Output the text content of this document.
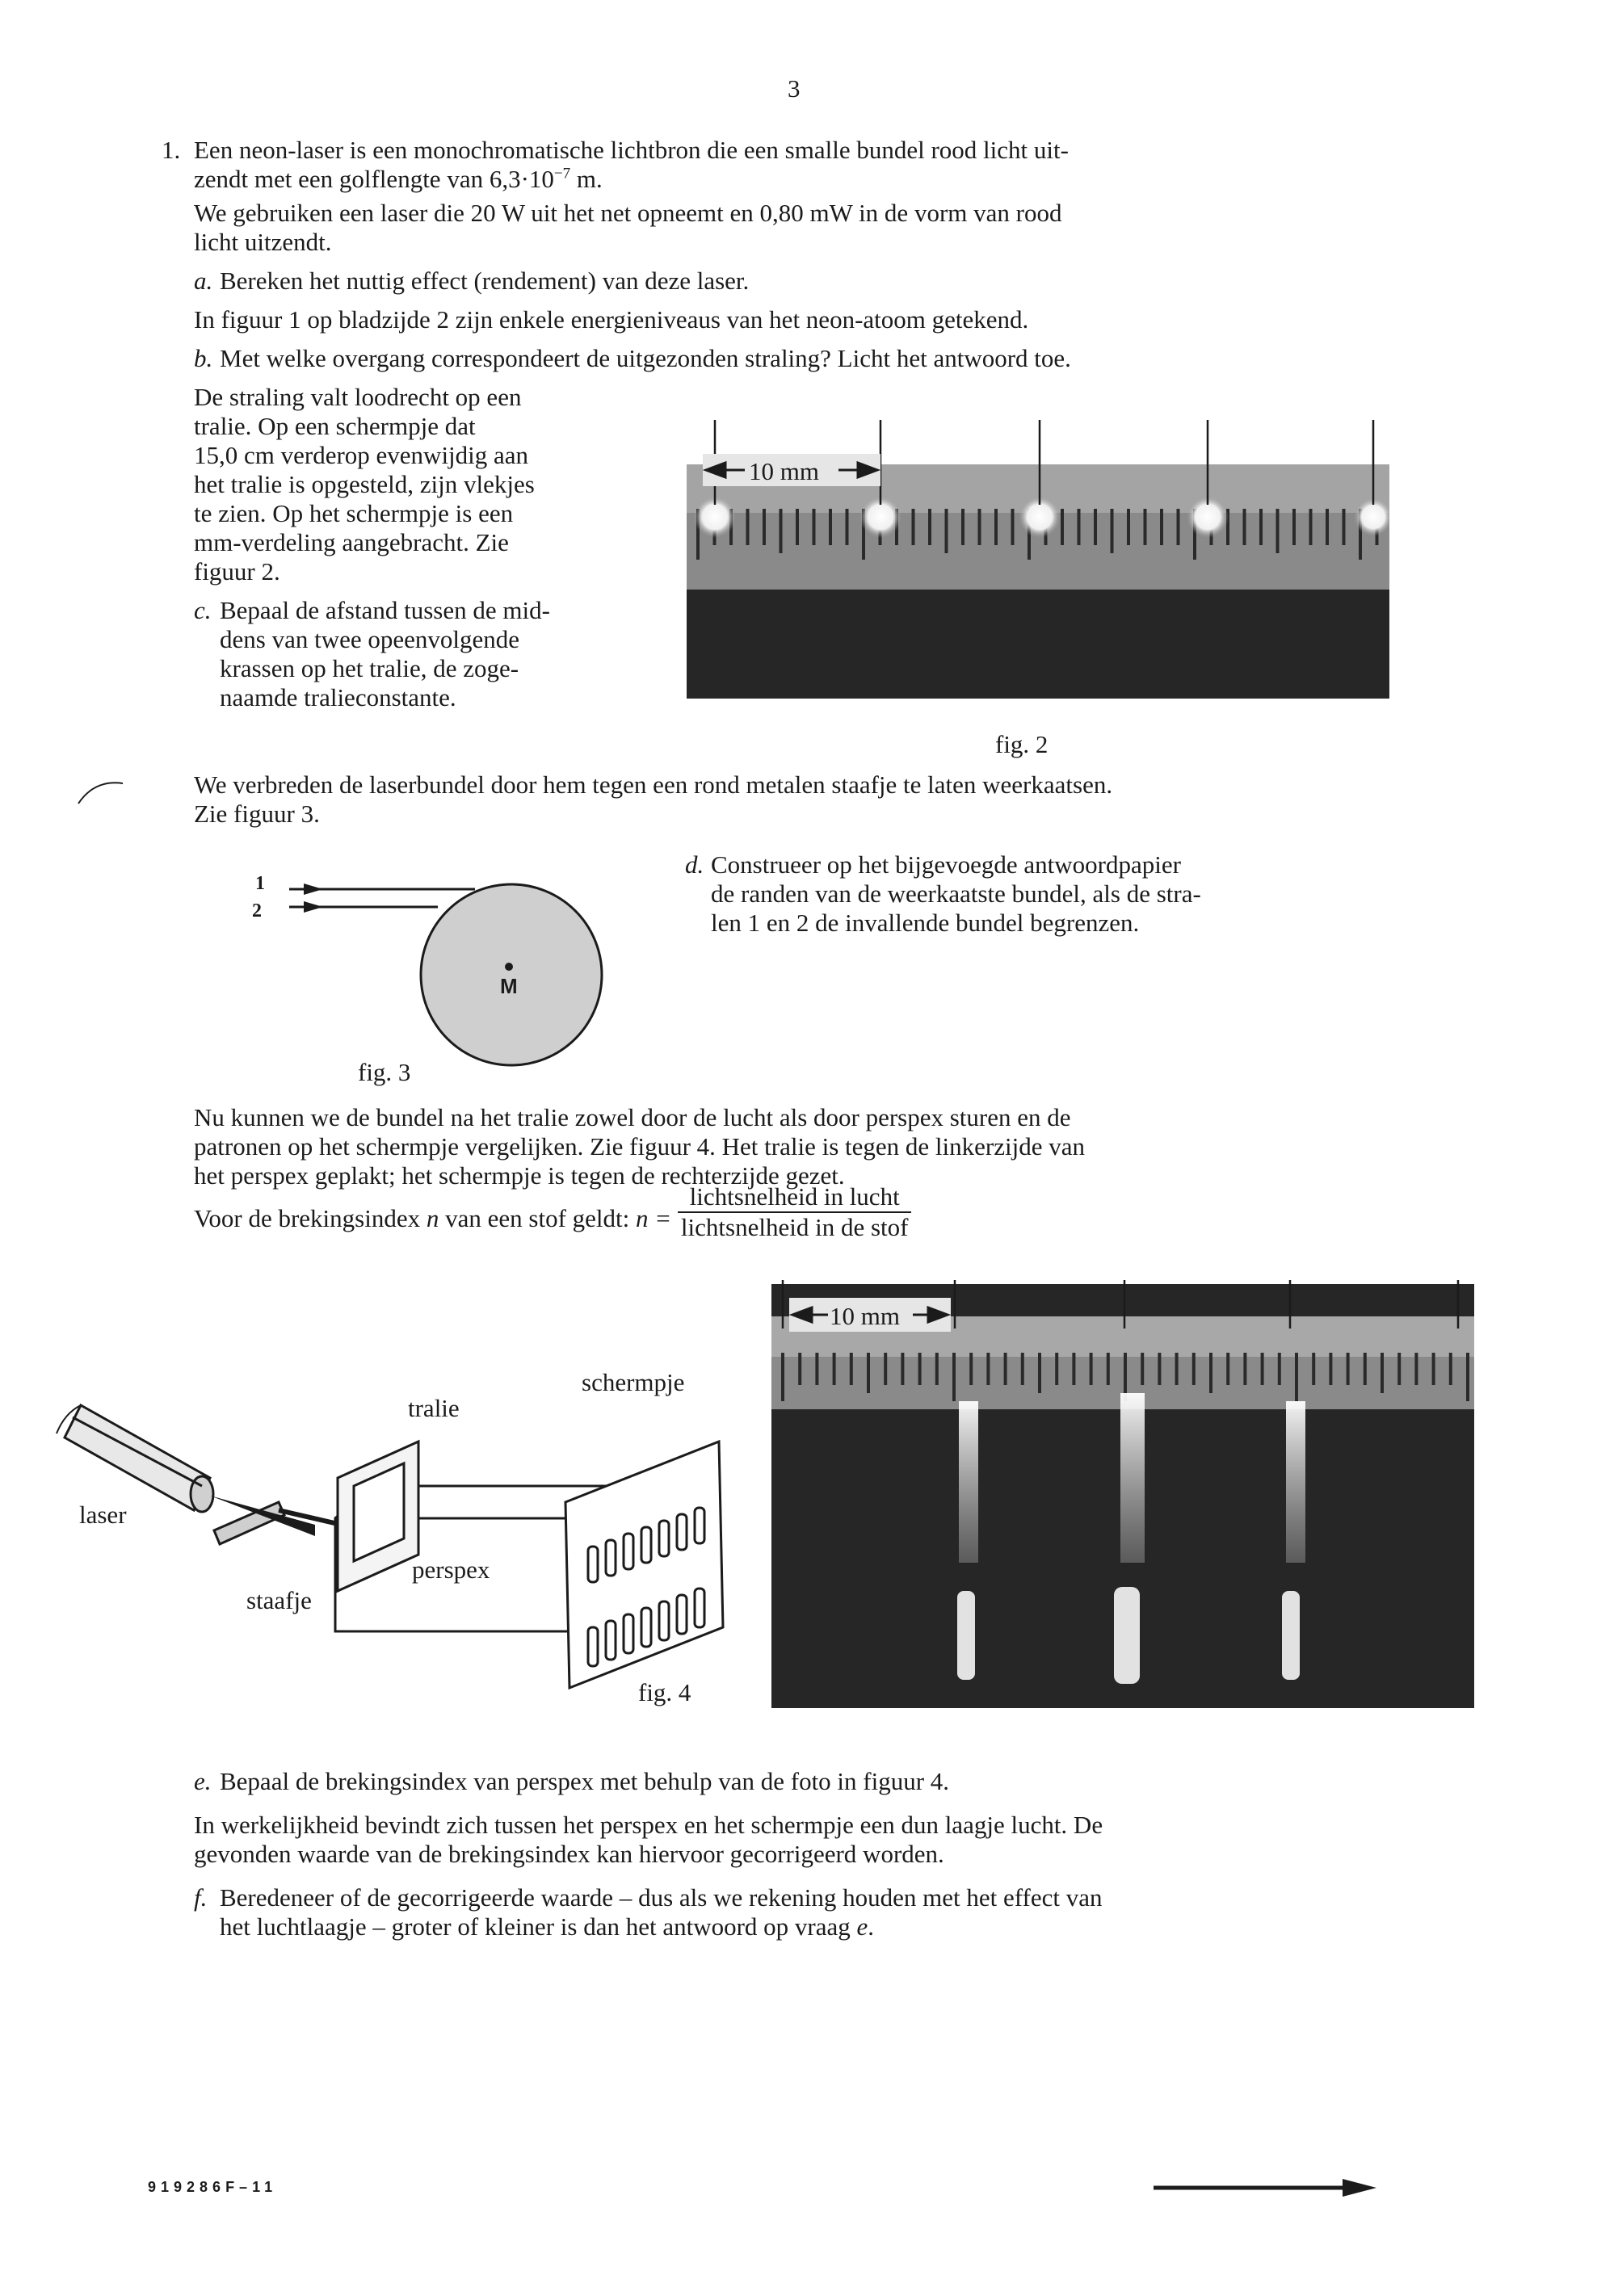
3
1. Een neon-laser is een monochromatische lichtbron die een smalle bundel rood licht uit-
zendt met een golflengte van $6,3\cdot 10^{-7}$ m.
We gebruiken een laser die 20 W uit het net opneemt en 0,80 mW in de vorm van rood
licht uitzendt.
a. Bereken het nuttig effect (rendement) van deze laser.
In figuur 1 op bladzijde 2 zijn enkele energieniveaus van het neon-atoom getekend.
b. Met welke overgang correspondeert de uitgezonden straling? Licht het antwoord toe.
De straling valt loodrecht op een
tralie. Op een schermpje dat
15,0 cm verderop evenwijdig aan
het tralie is opgesteld, zijn vlekjes
te zien. Op het schermpje is een
mm-verdeling aangebracht. Zie
figuur 2.
c. Bepaal de afstand tussen de mid-
dens van twee opeenvolgende
krassen op het tralie, de zoge-
naamde tralieconstante.
10 mm
fig. 2
We verbreden de laserbundel door hem tegen een rond metalen staafje te laten weerkaatsen.
Zie figuur 3.
1
2
M
fig. 3
d. Construeer op het bijgevoegde antwoordpapier
de randen van de weerkaatste bundel, als de stra-
len 1 en 2 de invallende bundel begrenzen.
Nu kunnen we de bundel na het tralie zowel door de lucht als door perspex sturen en de
patronen op het schermpje vergelijken. Zie figuur 4. Het tralie is tegen de linkerzijde van
het perspex geplakt; het schermpje is tegen de rechterzijde gezet.
Voor de brekingsindex n van een stof geldt: $n = \frac{\text{lichtsnelheid in lucht}}{\text{lichtsnelheid in de stof}}$
staafje
tralie
schermpje
perspex
laser
fig. 4
10 mm
e. Bepaal de brekingsindex van perspex met behulp van de foto in figuur 4.
In werkelijkheid bevindt zich tussen het perspex en het schermpje een dun laagje lucht. De
gevonden waarde van de brekingsindex kan hiervoor gecorrigeerd worden.
f. Beredeneer of de gecorrigeerde waarde – dus als we rekening houden met het effect van
het luchtlaagje – groter of kleiner is dan het antwoord op vraag e.
919286F–11
